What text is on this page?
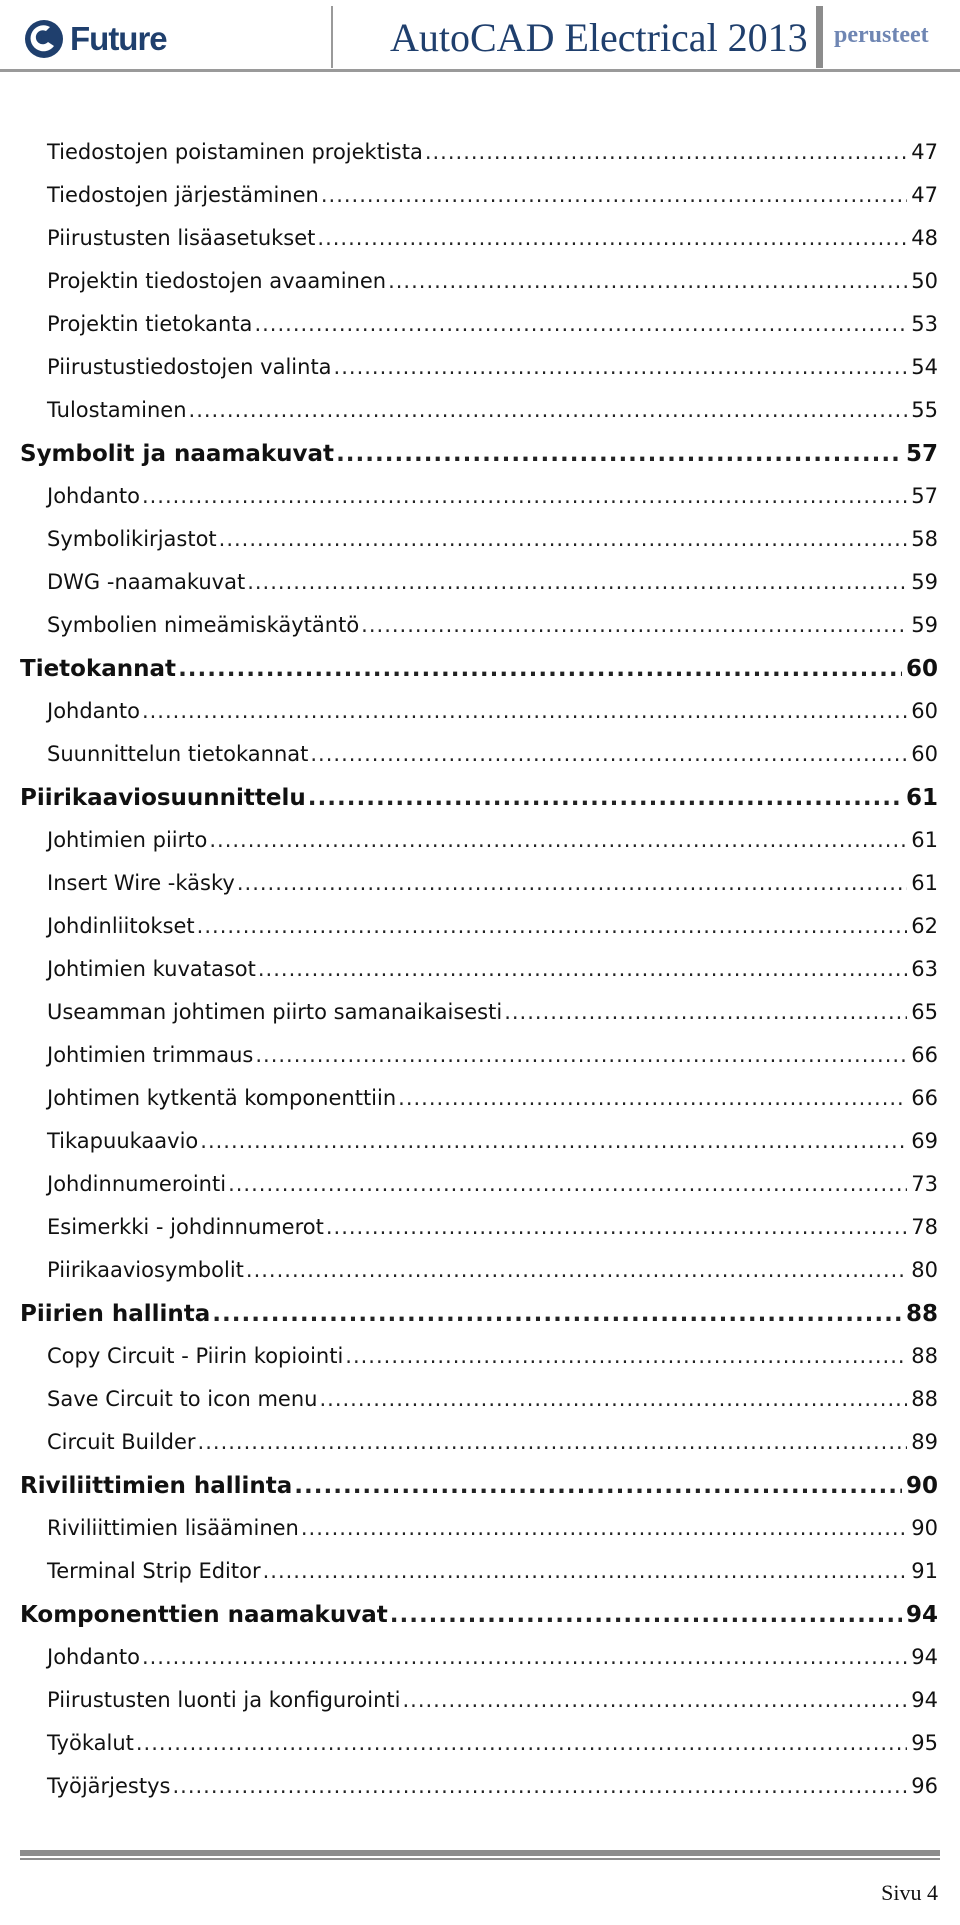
Future	AutoCAD Electrical 2013 perusteet
Tiedostojen poistaminen projektista .....	47
Tiedostojen järjestäminen .....	47
Piirustusten lisäasetukset .....	48
Projektin tiedostojen avaaminen .....	50
Projektin tietokanta .....	53
Piirustustiedostojen valinta .....	54
Tulostaminen .....	55
Symbolit ja naamakuvat .....	57
Johdanto .....	57
Symbolikirjastot .....	58
DWG -naamakuvat .....	59
Symbolien nimeämiskäytäntö .....	59
Tietokannat .....	60
Johdanto .....	60
Suunnittelun tietokannat .....	60
Piirikaaviosuunnittelu .....	61
Johtimien piirto .....	61
Insert Wire -käsky .....	61
Johdinliitokset .....	62
Johtimien kuvatasot .....	63
Useamman johtimen piirto samanaikaisesti .....	65
Johtimien trimmaus .....	66
Johtimen kytkentä komponenttiin .....	66
Tikapuukaavio .....	69
Johdinnumerointi .....	73
Esimerkki - johdinnumerot .....	78
Piirikaaviosymbolit .....	80
Piirien hallinta .....	88
Copy Circuit - Piirin kopiointi .....	88
Save Circuit to icon menu .....	88
Circuit Builder .....	89
Riviliittimien hallinta .....	90
Riviliittimien lisääminen .....	90
Terminal Strip Editor .....	91
Komponenttien naamakuvat .....	94
Johdanto .....	94
Piirustusten luonti ja konfigurointi .....	94
Työkalut .....	95
Työjärjestys .....	96
Sivu 4
